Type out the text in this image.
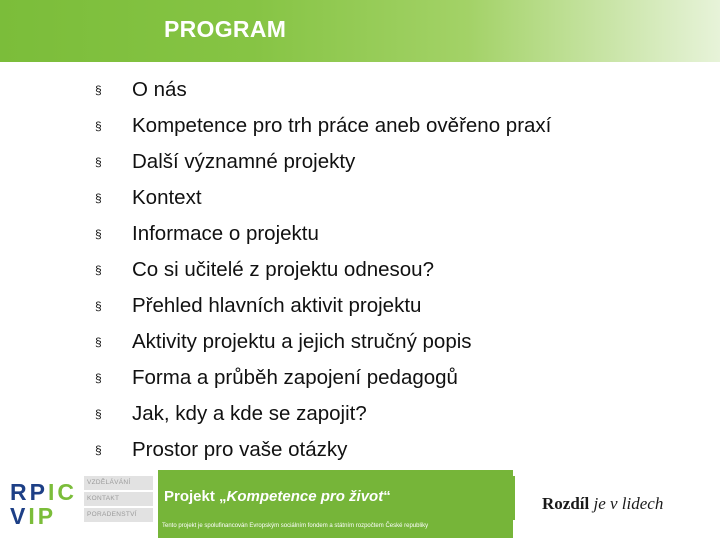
PROGRAM
§	O nás
§	Kompetence pro trh práce aneb ověřeno praxí
§	Další významné projekty
§	Kontext
§	Informace o projektu
§	Co si učitelé z projektu odnesou?
§	Přehled hlavních aktivit projektu
§	Aktivity projektu a jejich stručný popis
§	Forma a průběh zapojení pedagogů
§	Jak, kdy a kde se zapojit?
§	Prostor pro vaše otázky
RPIC
VIP
VZDĚLÁVÁNÍ
KONTAKT
PORADENSTVÍ
Projekt „Kompetence pro život“
Tento projekt je spolufinancován Evropským sociálním fondem a státním rozpočtem České republiky
Rozdíl je v lidech
